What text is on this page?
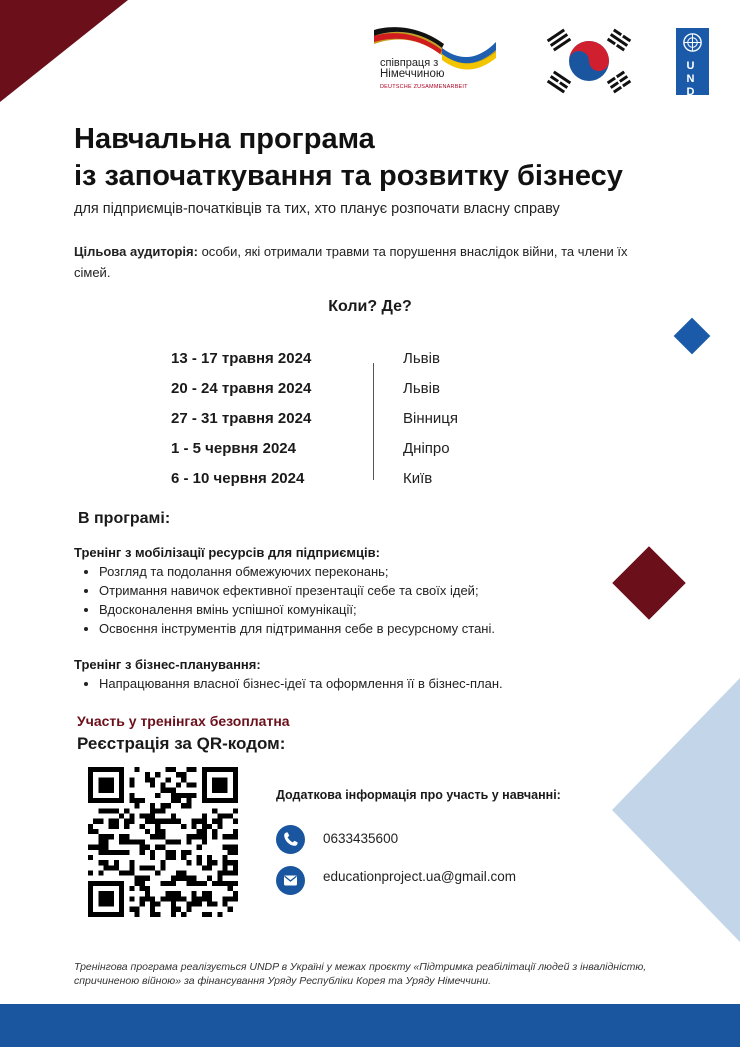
співпраця з
Німеччиною
DEUTSCHE ZUSAMMENARBEIT
U
N
D
P
Навчальна програма
із започаткування та розвитку бізнесу
для підприємців-початківців та тих, хто планує розпочати власну справу
Цільова аудиторія: особи, які отримали травми та порушення внаслідок війни, та члени їх сімей.
Коли? Де?
13 - 17 травня 2024	Львів
20 - 24 травня 2024	Львів
27 - 31 травня 2024	Вінниця
1 - 5 червня 2024	Дніпро
6 - 10 червня 2024	Київ
В програмі:
Тренінг з мобілізації ресурсів для підприємців:
• Розгляд та подолання обмежуючих переконань;
• Отримання навичок ефективної презентації себе та своїх ідей;
• Вдосконалення вмінь успішної комунікації;
• Освоєння інструментів для підтримання себе в ресурсному стані.
Тренінг з бізнес-планування:
• Напрацювання власної бізнес-ідеї та оформлення її в бізнес-план.
Участь у тренінгах безоплатна
Реєстрація за QR-кодом:
Додаткова інформація про участь у навчанні:
0633435600
educationproject.ua@gmail.com
Тренінгова програма реалізується UNDP в Україні у межах проєкту «Підтримка реабілітації людей з інвалідністю, спричиненою війною» за фінансування Уряду Республіки Корея та Уряду Німеччини.
